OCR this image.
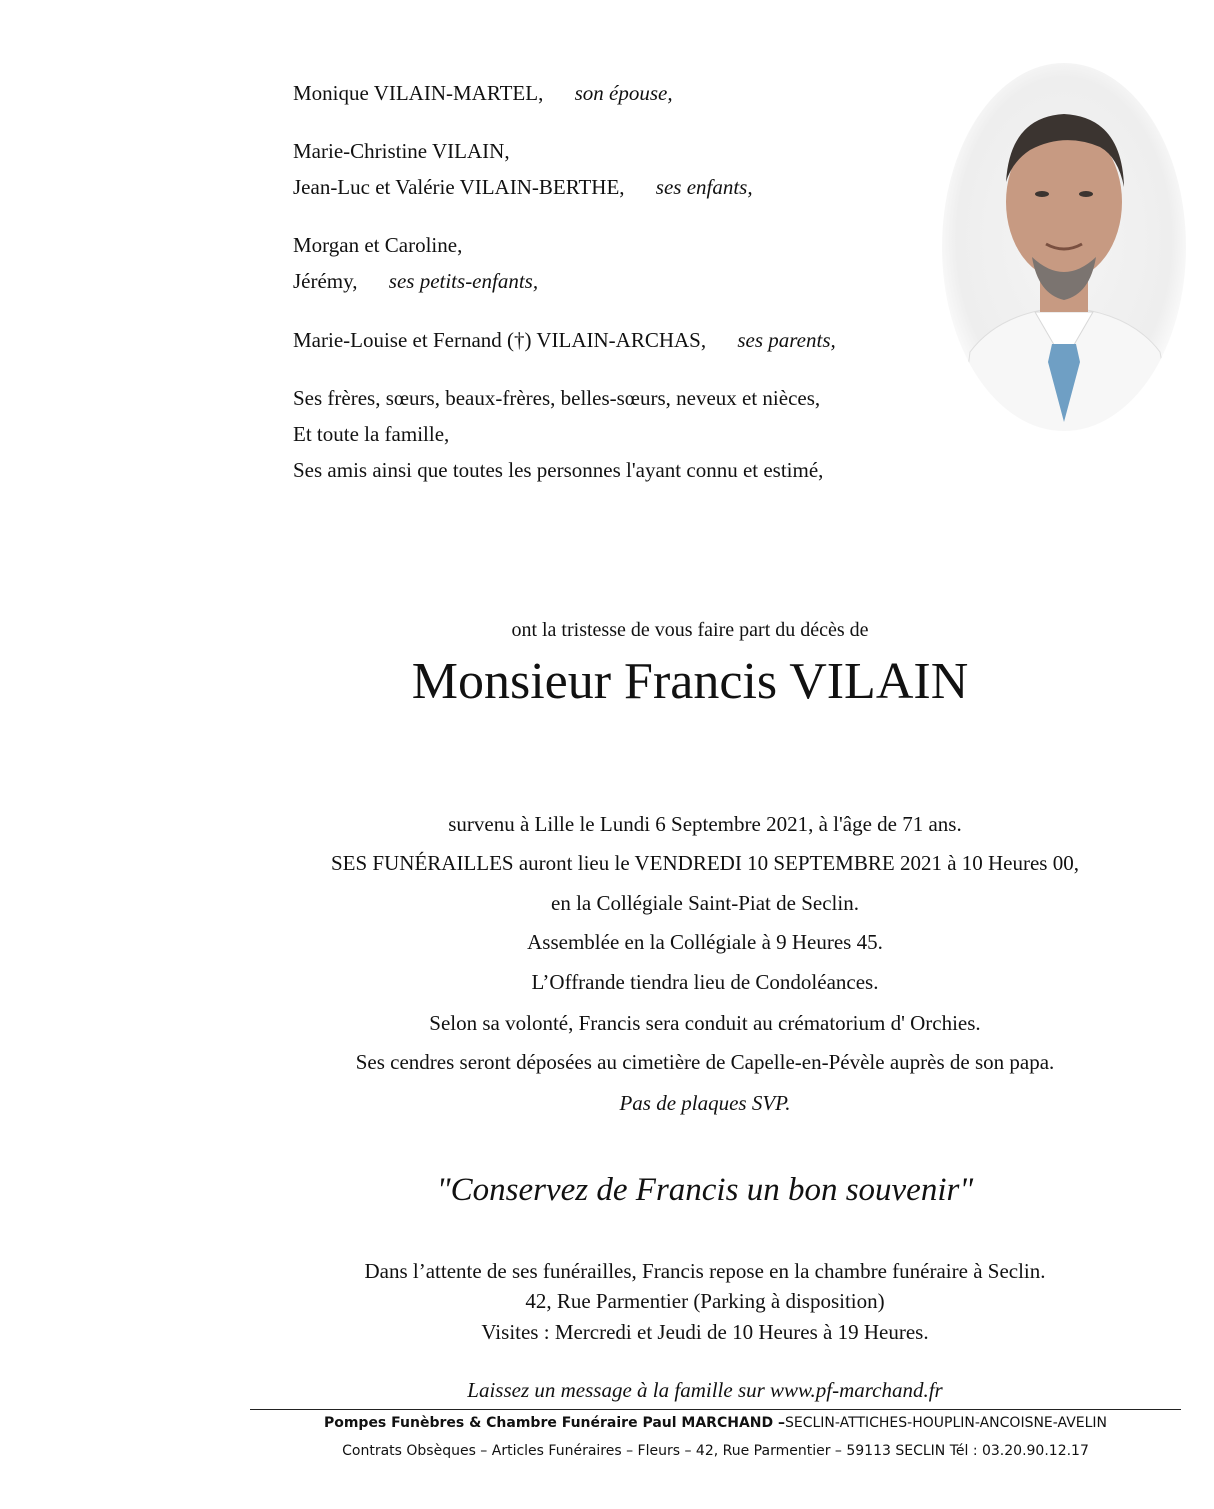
Monique VILAIN-MARTEL, son épouse,
Marie-Christine VILAIN,
Jean-Luc et Valérie VILAIN-BERTHE, ses enfants,
Morgan et Caroline,
Jérémy, ses petits-enfants,
Marie-Louise et Fernand (†) VILAIN-ARCHAS, ses parents,
Ses frères, sœurs, beaux-frères, belles-sœurs, neveux et nièces,
Et toute la famille,
Ses amis ainsi que toutes les personnes l'ayant connu et estimé,
ont la tristesse de vous faire part du décès de
Monsieur Francis VILAIN
survenu à Lille le Lundi 6 Septembre 2021, à l'âge de 71 ans.
SES FUNÉRAILLES auront lieu le VENDREDI 10 SEPTEMBRE 2021 à 10 Heures 00,
en la Collégiale Saint-Piat de Seclin.
Assemblée en la Collégiale à 9 Heures 45.
L’Offrande tiendra lieu de Condoléances.
Selon sa volonté, Francis sera conduit au crématorium d' Orchies.
Ses cendres seront déposées au cimetière de Capelle-en-Pévèle auprès de son papa.
Pas de plaques SVP.
"Conservez de Francis un bon souvenir"
Dans l’attente de ses funérailles, Francis repose en la chambre funéraire à Seclin.
42, Rue Parmentier (Parking à disposition)
Visites : Mercredi et Jeudi de 10 Heures à 19 Heures.
Laissez un message à la famille sur www.pf-marchand.fr
Pompes Funèbres & Chambre Funéraire Paul MARCHAND –SECLIN-ATTICHES-HOUPLIN-ANCOISNE-AVELIN
Contrats Obsèques – Articles Funéraires – Fleurs – 42, Rue Parmentier – 59113 SECLIN Tél : 03.20.90.12.17
